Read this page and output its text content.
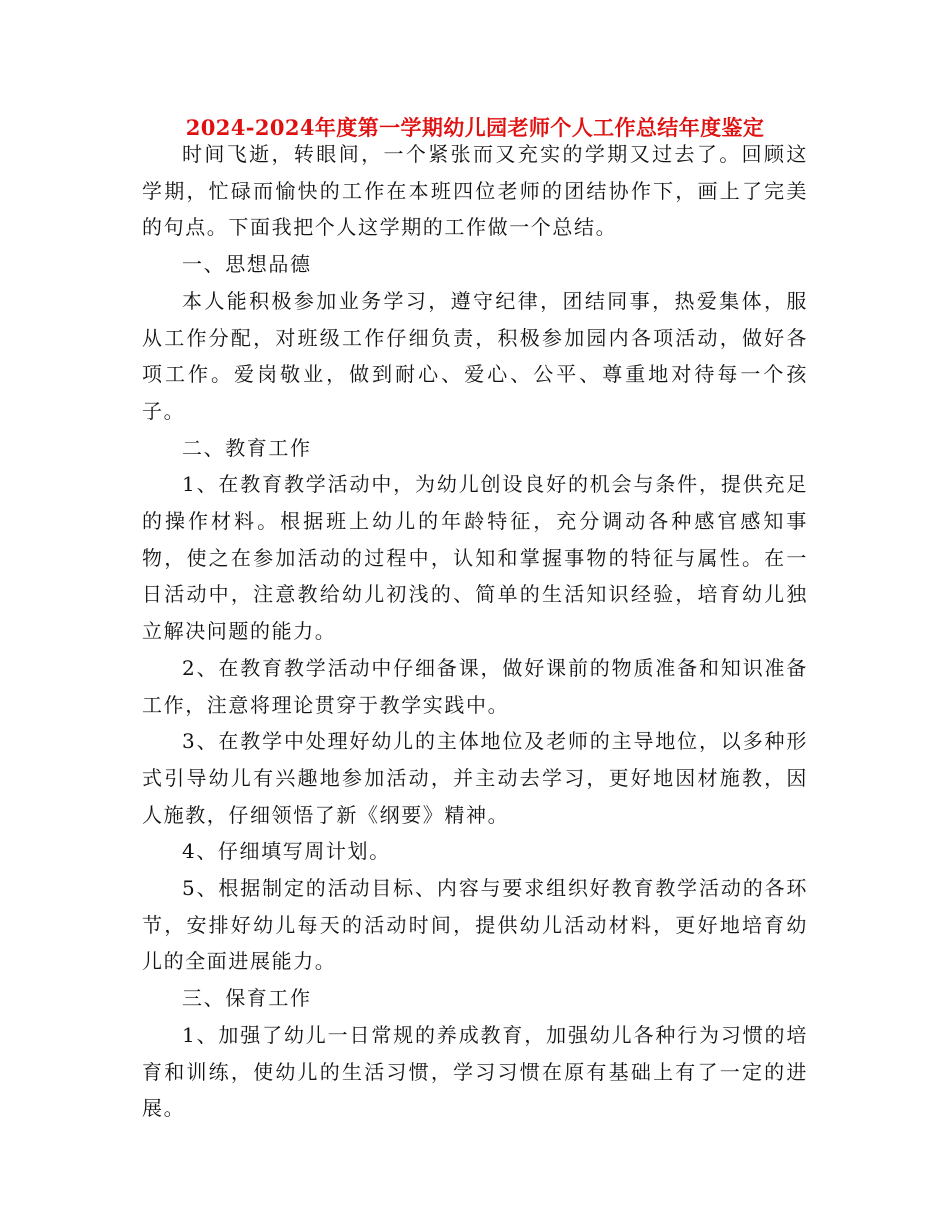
2024-2024年度第一学期幼儿园老师个人工作总结年度鉴定

时间飞逝，转眼间，一个紧张而又充实的学期又过去了。回顾这学期，忙碌而愉快的工作在本班四位老师的团结协作下，画上了完美的句点。下面我把个人这学期的工作做一个总结。

一、思想品德

本人能积极参加业务学习，遵守纪律，团结同事，热爱集体，服从工作分配，对班级工作仔细负责，积极参加园内各项活动，做好各项工作。爱岗敬业，做到耐心、爱心、公平、尊重地对待每一个孩子。

二、教育工作

1、在教育教学活动中，为幼儿创设良好的机会与条件，提供充足的操作材料。根据班上幼儿的年龄特征，充分调动各种感官感知事物，使之在参加活动的过程中，认知和掌握事物的特征与属性。在一日活动中，注意教给幼儿初浅的、简单的生活知识经验，培育幼儿独立解决问题的能力。

2、在教育教学活动中仔细备课，做好课前的物质准备和知识准备工作，注意将理论贯穿于教学实践中。

3、在教学中处理好幼儿的主体地位及老师的主导地位，以多种形式引导幼儿有兴趣地参加活动，并主动去学习，更好地因材施教，因人施教，仔细领悟了新《纲要》精神。

4、仔细填写周计划。

5、根据制定的活动目标、内容与要求组织好教育教学活动的各环节，安排好幼儿每天的活动时间，提供幼儿活动材料，更好地培育幼儿的全面进展能力。

三、保育工作

1、加强了幼儿一日常规的养成教育，加强幼儿各种行为习惯的培育和训练，使幼儿的生活习惯，学习习惯在原有基础上有了一定的进展。
